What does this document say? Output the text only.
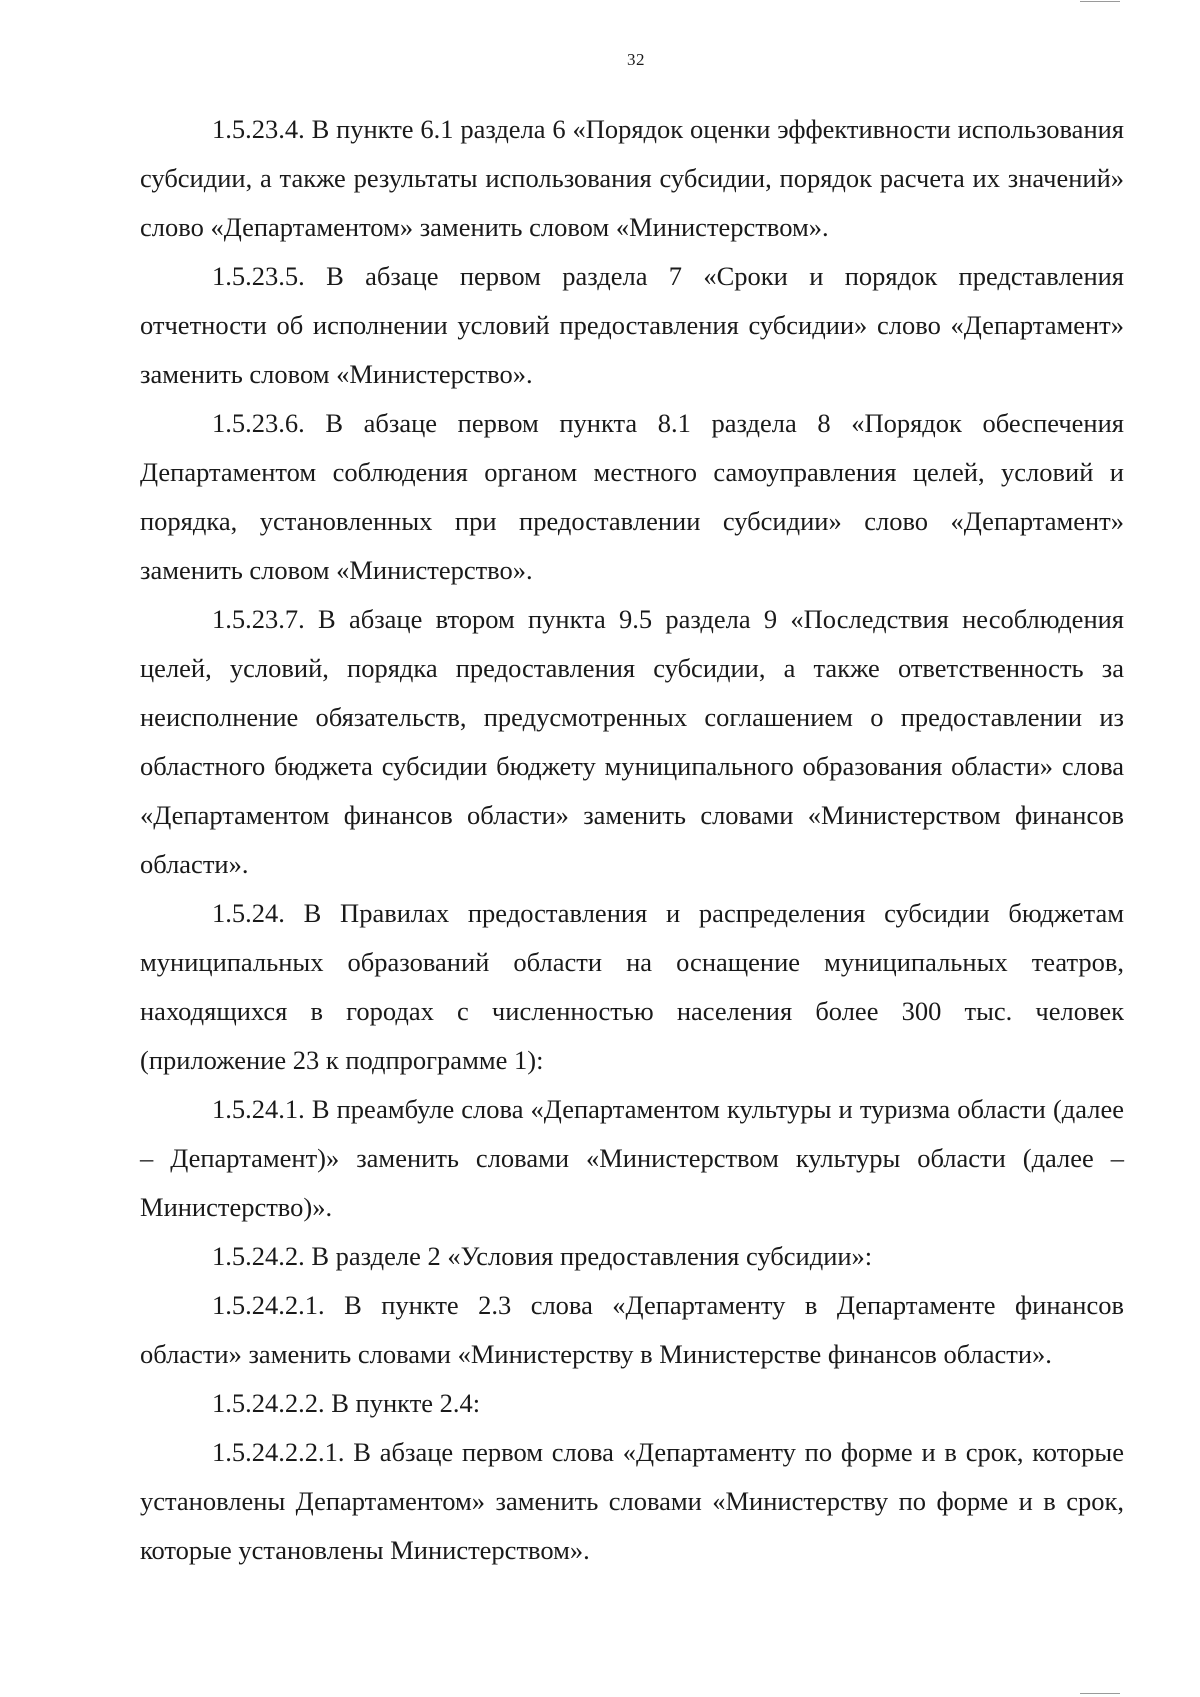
32

1.5.23.4. В пункте 6.1 раздела 6 «Порядок оценки эффективности использования субсидии, а также результаты использования субсидии, порядок расчета их значений» слово «Департаментом» заменить словом «Министерством».

1.5.23.5. В абзаце первом раздела 7 «Сроки и порядок представления отчетности об исполнении условий предоставления субсидии» слово «Департамент» заменить словом «Министерство».

1.5.23.6. В абзаце первом пункта 8.1 раздела 8 «Порядок обеспечения Департаментом соблюдения органом местного самоуправления целей, условий и порядка, установленных при предоставлении субсидии» слово «Департамент» заменить словом «Министерство».

1.5.23.7. В абзаце втором пункта 9.5 раздела 9 «Последствия несоблюдения целей, условий, порядка предоставления субсидии, а также ответственность за неисполнение обязательств, предусмотренных соглашением о предоставлении из областного бюджета субсидии бюджету муниципального образования области» слова «Департаментом финансов области» заменить словами «Министерством финансов области».

1.5.24. В Правилах предоставления и распределения субсидии бюджетам муниципальных образований области на оснащение муниципальных театров, находящихся в городах с численностью населения более 300 тыс. человек (приложение 23 к подпрограмме 1):

1.5.24.1. В преамбуле слова «Департаментом культуры и туризма области (далее – Департамент)» заменить словами «Министерством культуры области (далее – Министерство)».

1.5.24.2. В разделе 2 «Условия предоставления субсидии»:

1.5.24.2.1. В пункте 2.3 слова «Департаменту в Департаменте финансов области» заменить словами «Министерству в Министерстве финансов области».

1.5.24.2.2. В пункте 2.4:

1.5.24.2.2.1. В абзаце первом слова «Департаменту по форме и в срок, которые установлены Департаментом» заменить словами «Министерству по форме и в срок, которые установлены Министерством».
